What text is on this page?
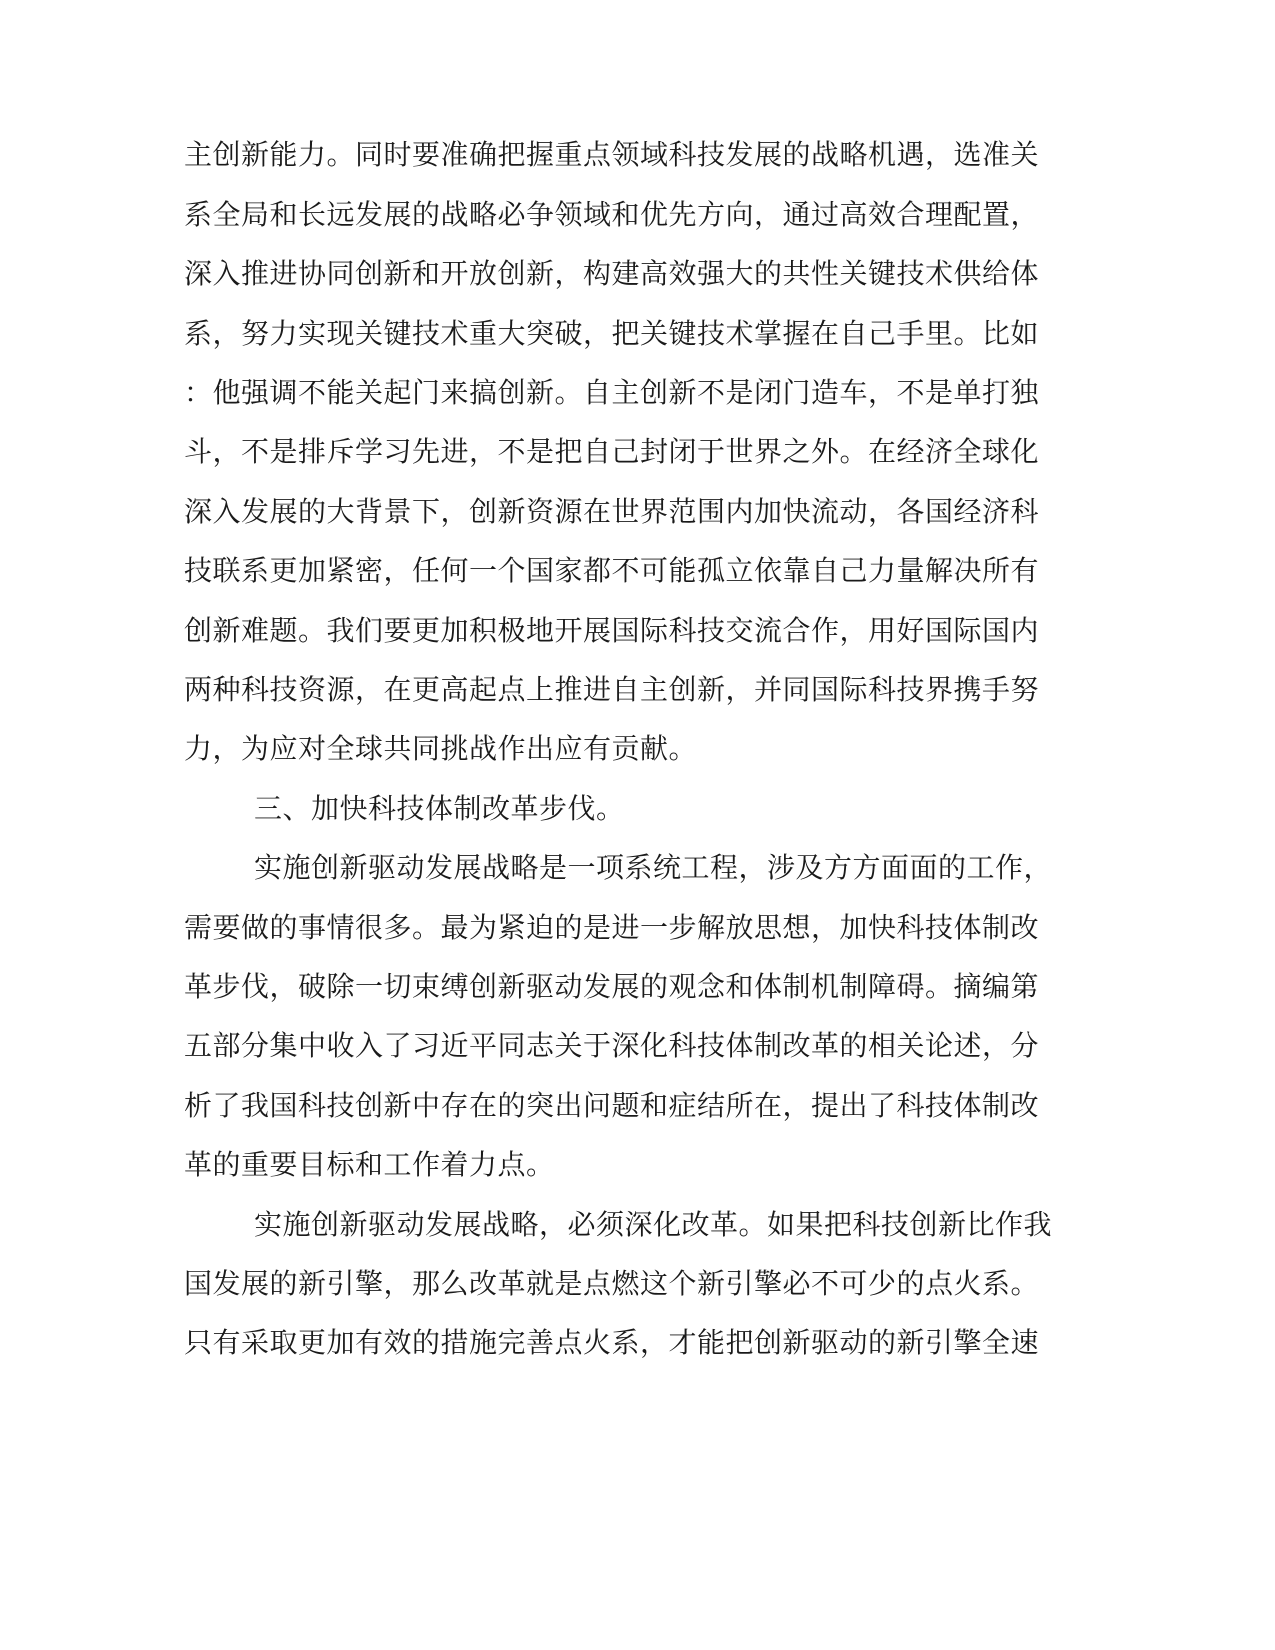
主创新能力。同时要准确把握重点领域科技发展的战略机遇，选准关
系全局和长远发展的战略必争领域和优先方向，通过高效合理配置，
深入推进协同创新和开放创新，构建高效强大的共性关键技术供给体
系，努力实现关键技术重大突破，把关键技术掌握在自己手里。比如
：他强调不能关起门来搞创新。自主创新不是闭门造车，不是单打独
斗，不是排斥学习先进，不是把自己封闭于世界之外。在经济全球化
深入发展的大背景下，创新资源在世界范围内加快流动，各国经济科
技联系更加紧密，任何一个国家都不可能孤立依靠自己力量解决所有
创新难题。我们要更加积极地开展国际科技交流合作，用好国际国内
两种科技资源，在更高起点上推进自主创新，并同国际科技界携手努
力，为应对全球共同挑战作出应有贡献。
三、加快科技体制改革步伐。
实施创新驱动发展战略是一项系统工程，涉及方方面面的工作，
需要做的事情很多。最为紧迫的是进一步解放思想，加快科技体制改
革步伐，破除一切束缚创新驱动发展的观念和体制机制障碍。摘编第
五部分集中收入了习近平同志关于深化科技体制改革的相关论述，分
析了我国科技创新中存在的突出问题和症结所在，提出了科技体制改
革的重要目标和工作着力点。
实施创新驱动发展战略，必须深化改革。如果把科技创新比作我
国发展的新引擎，那么改革就是点燃这个新引擎必不可少的点火系。
只有采取更加有效的措施完善点火系，才能把创新驱动的新引擎全速
